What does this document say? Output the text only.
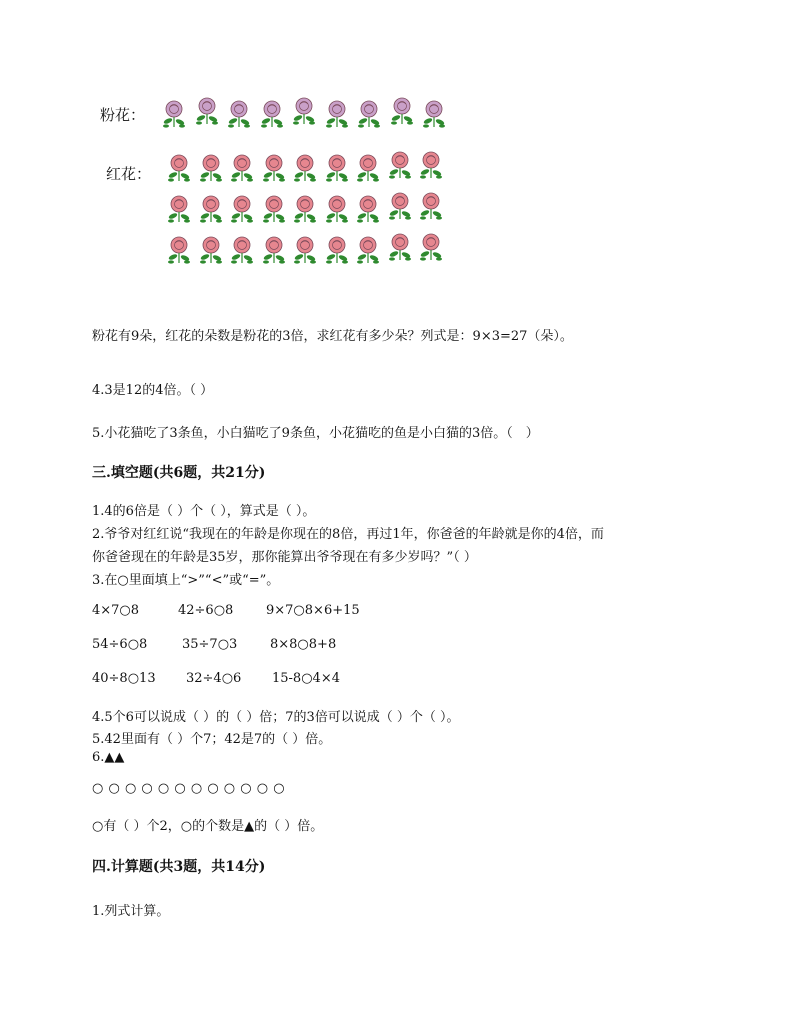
粉花：
红花：
粉花有9朵，红花的朵数是粉花的3倍，求红花有多少朵？列式是：9×3=27（朵）。
4.3是12的4倍。（ ）
5.小花猫吃了3条鱼，小白猫吃了9条鱼，小花猫吃的鱼是小白猫的3倍。（　）
三.填空题(共6题，共21分)
1.4的6倍是（ ）个（ ），算式是（ ）。
2.爷爷对红红说“我现在的年龄是你现在的8倍，再过1年，你爸爸的年龄就是你的4倍，而
你爸爸现在的年龄是35岁，那你能算出爷爷现在有多少岁吗？”（ ）
3.在○里面填上“>”“<”或“=”。
4×7○8	42÷6○8	9×7○8×6+15
54÷6○8	35÷7○3	8×8○8+8
40÷8○13 32÷4○6 15-8○4×4
4.5个6可以说成（ ）的（ ）倍；7的3倍可以说成（ ）个（ ）。
5.42里面有（ ）个7；42是7的（ ）倍。
6.▲▲
○ ○ ○ ○ ○ ○ ○ ○ ○ ○ ○ ○
○有（ ）个2，○的个数是▲的（ ）倍。
四.计算题(共3题，共14分)
1.列式计算。
